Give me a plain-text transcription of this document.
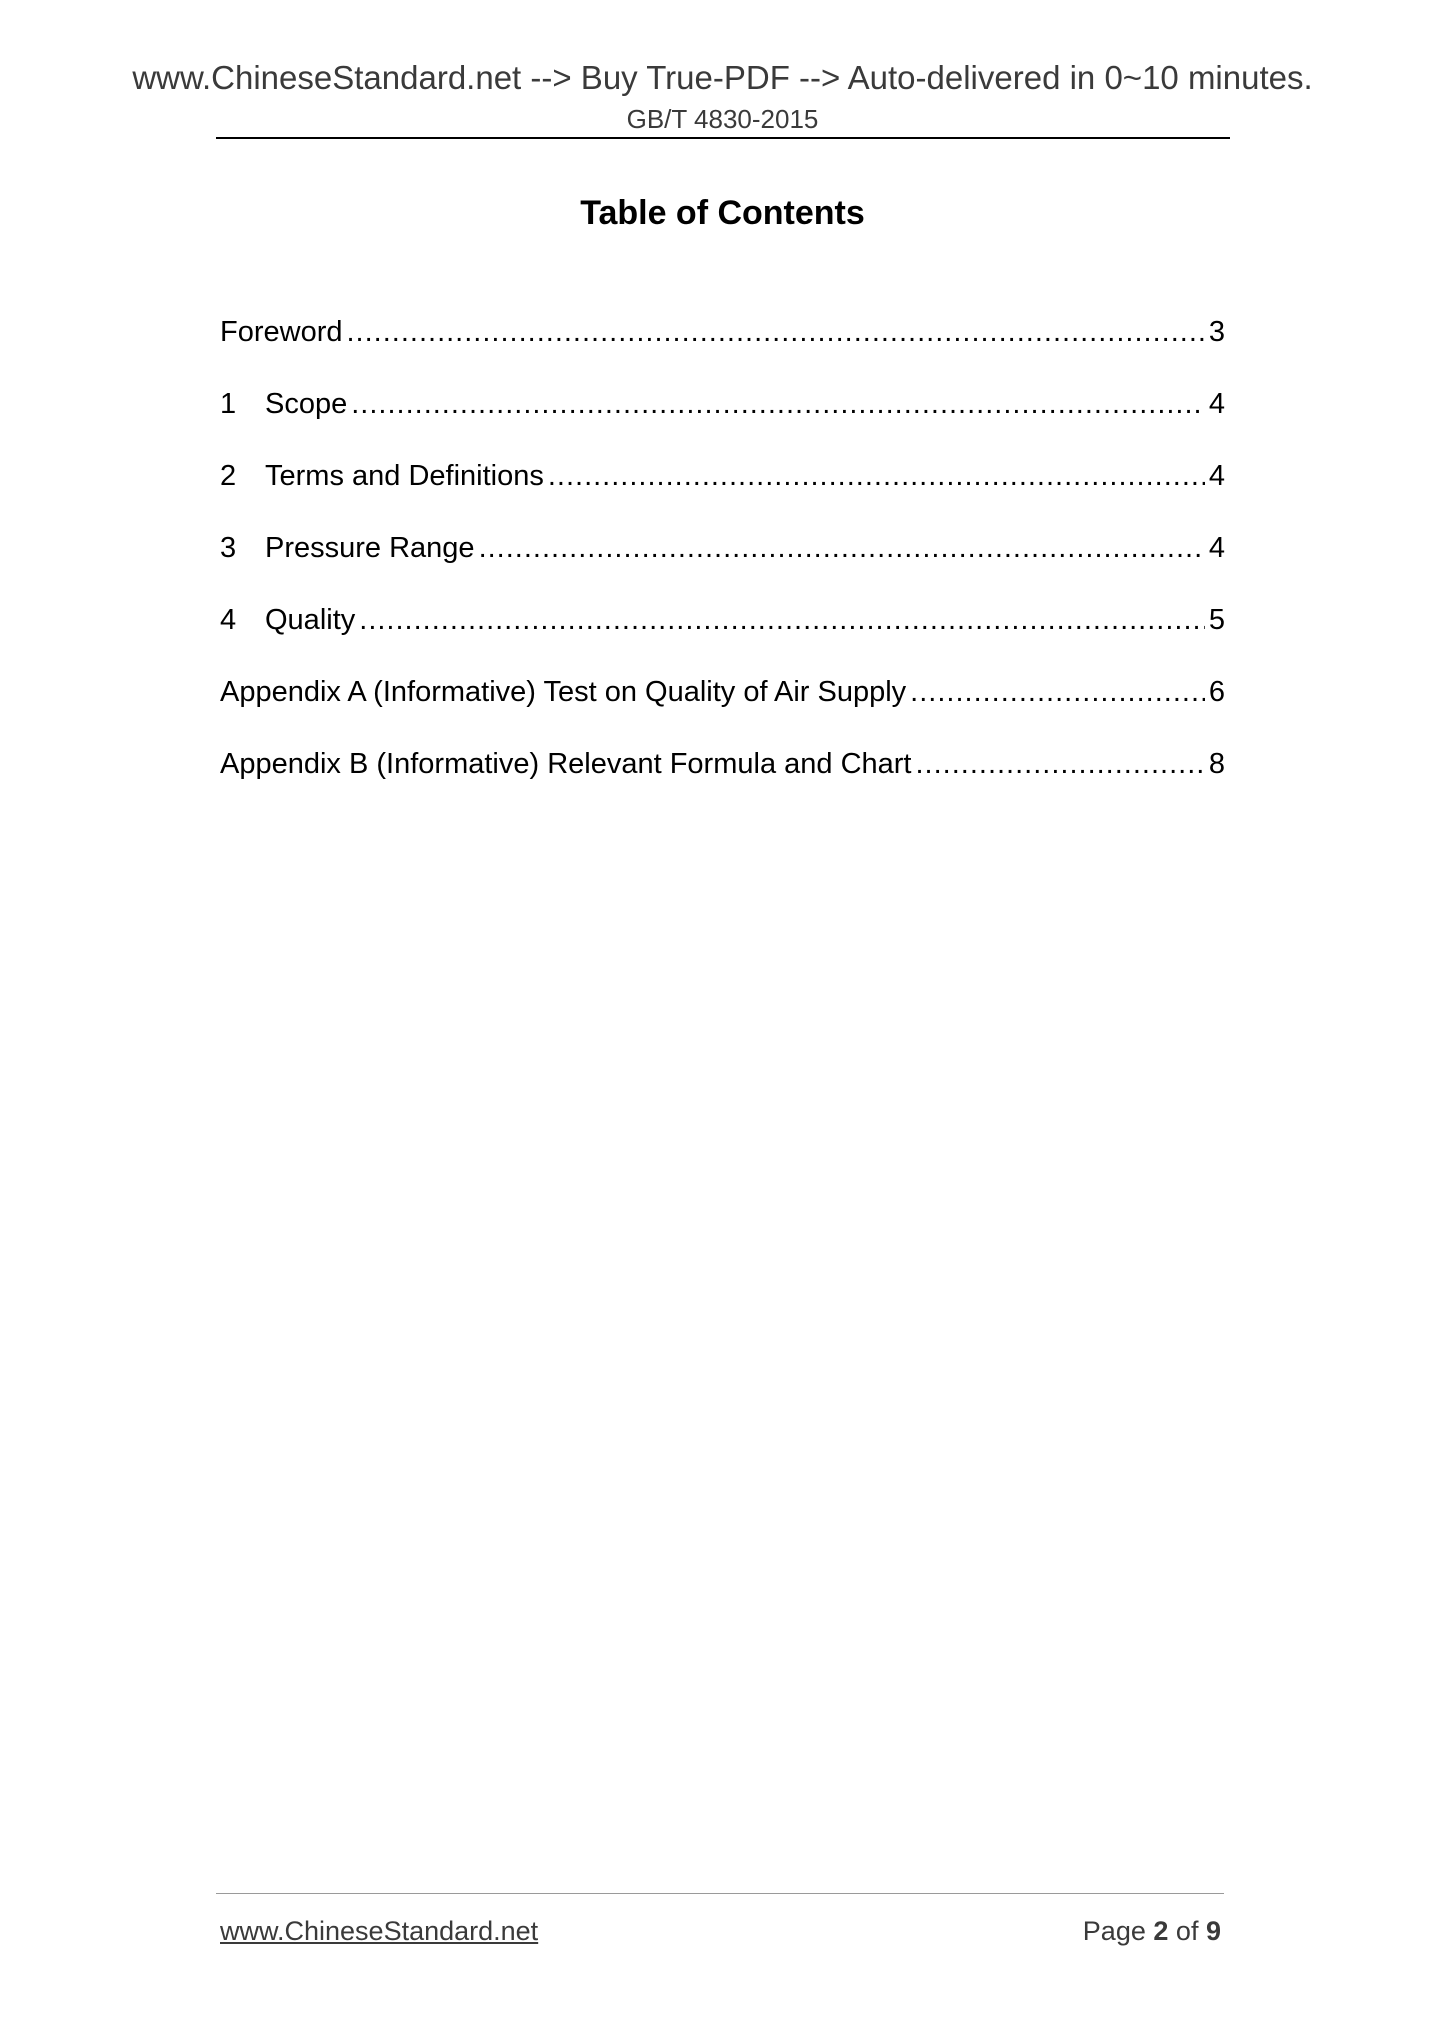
www.ChineseStandard.net --> Buy True-PDF --> Auto-delivered in 0~10 minutes.
GB/T 4830-2015
Table of Contents
Foreword .....	3
1 Scope .....	4
2 Terms and Definitions .....	4
3 Pressure Range .....	4
4 Quality .....	5
Appendix A (Informative) Test on Quality of Air Supply .....	6
Appendix B (Informative) Relevant Formula and Chart .....	8
www.ChineseStandard.net	Page 2 of 9
